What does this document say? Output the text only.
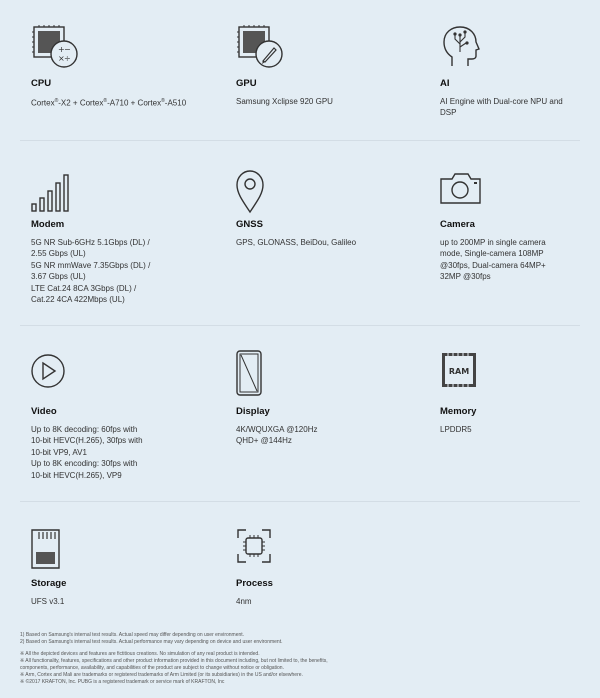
+ −
× ÷
CPU
Cortex®-X2 + Cortex®-A710 + Cortex®-A510
GPU
Samsung Xclipse 920 GPU
AI
AI Engine with Dual-core NPU and
DSP
Modem
5G NR Sub-6GHz 5.1Gbps (DL) /
2.55 Gbps (UL)
5G NR mmWave 7.35Gbps (DL) /
3.67 Gbps (UL)
LTE Cat.24 8CA 3Gbps (DL) /
Cat.22 4CA 422Mbps (UL)
GNSS
GPS, GLONASS, BeiDou, Galileo
Camera
up to 200MP in single camera
mode, Single-camera 108MP
@30fps, Dual-camera 64MP+
32MP @30fps
Video
Up to 8K decoding: 60fps with
10-bit HEVC(H.265), 30fps with
10-bit VP9, AV1
Up to 8K encoding: 30fps with
10-bit HEVC(H.265), VP9
Display
4K/WQUXGA @120Hz
QHD+ @144Hz
RAM
Memory
LPDDR5
Storage
UFS v3.1
Process
4nm
1) Based on Samsung's internal test results. Actual speed may differ depending on user environment.
2) Based on Samsung's internal test results. Actual performance may vary depending on device and user environment.
※ All the depicted devices and features are fictitious creations. No simulation of any real product is intended.
※ All functionality, features, specifications and other product information provided in this document including, but not limited to, the benefits,
components, performance, availability, and capabilities of the product are subject to change without notice or obligation.
※ Arm, Cortex and Mali are trademarks or registered trademarks of Arm Limited (or its subsidiaries) in the US and/or elsewhere.
※ ©2017 KRAFTON, Inc. PUBG is a registered trademark or service mark of KRAFTON, Inc
